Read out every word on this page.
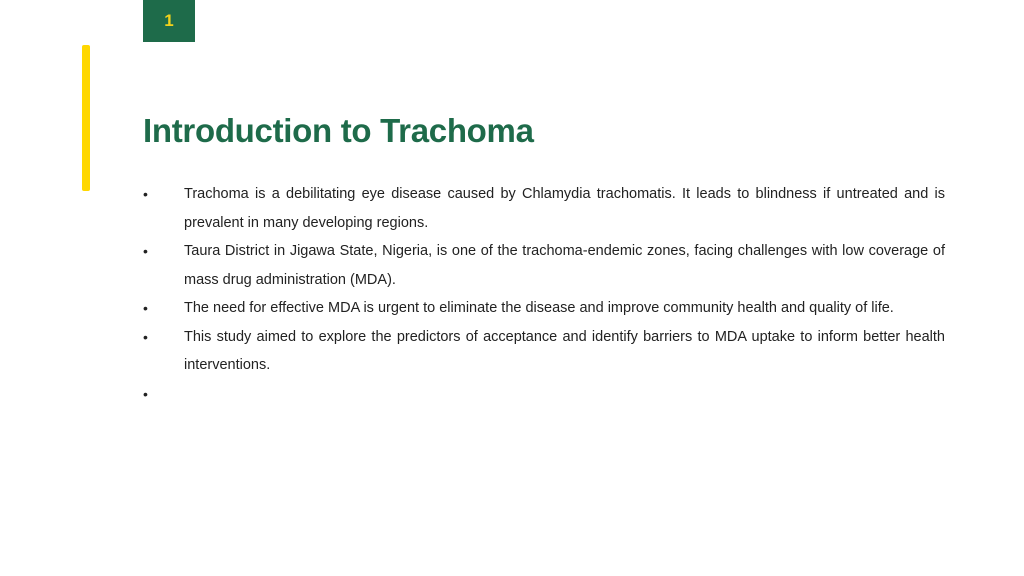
1
Introduction to Trachoma
•	Trachoma is a debilitating eye disease caused by Chlamydia trachomatis. It leads to blindness if untreated and is prevalent in many developing regions.
•	Taura District in Jigawa State, Nigeria, is one of the trachoma-endemic zones, facing challenges with low coverage of mass drug administration (MDA).
•	The need for effective MDA is urgent to eliminate the disease and improve community health and quality of life.
•	This study aimed to explore the predictors of acceptance and identify barriers to MDA uptake to inform better health interventions.
•
